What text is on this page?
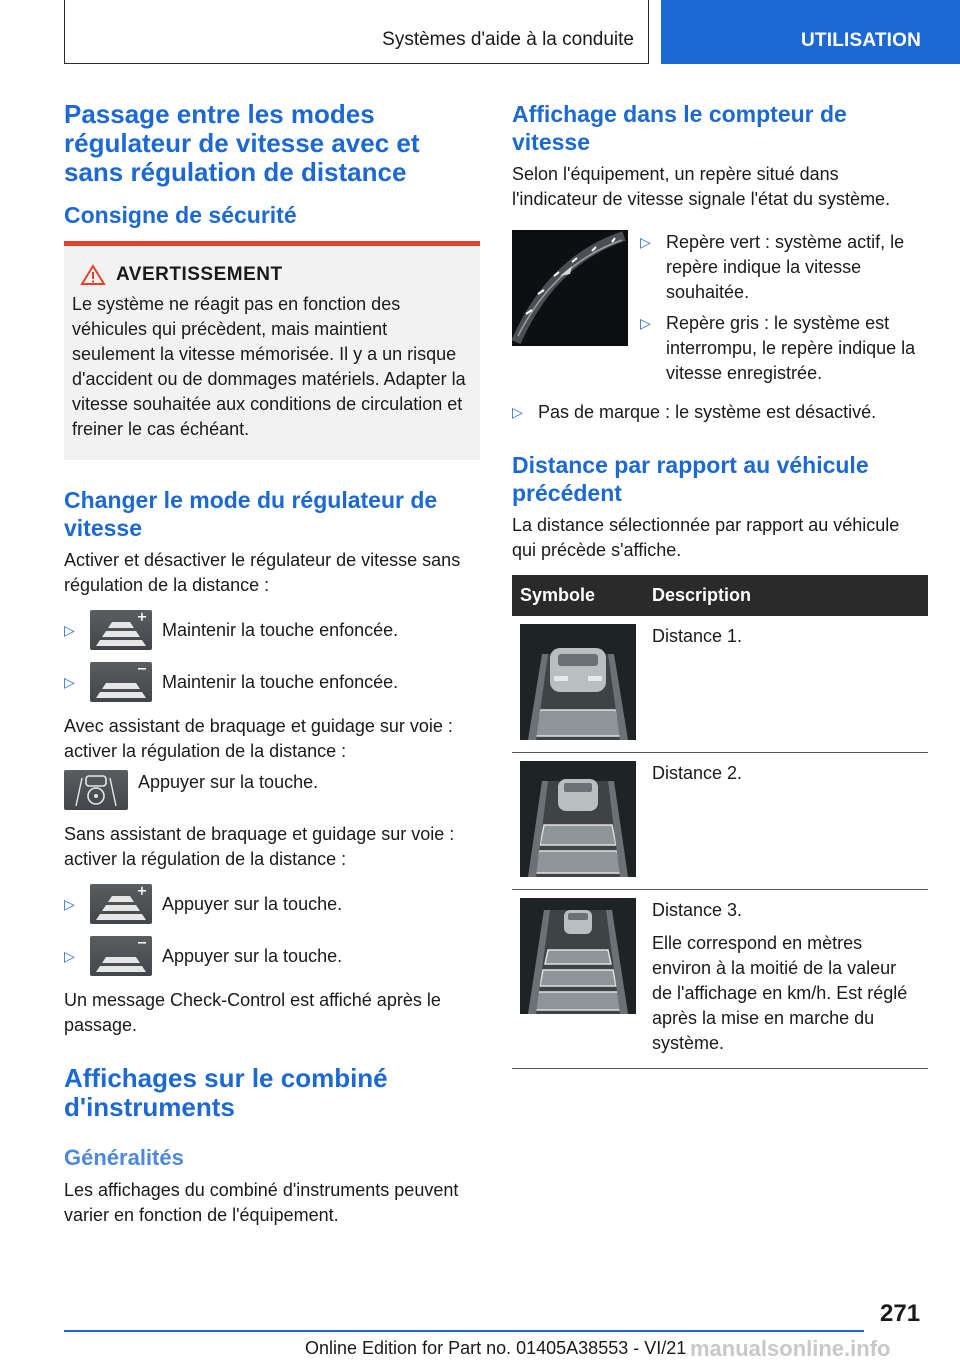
Systèmes d'aide à la conduite	UTILISATION
Passage entre les modes régulateur de vitesse avec et sans régulation de distance
Consigne de sécurité
AVERTISSEMENT

Le système ne réagit pas en fonction des véhicules qui précèdent, mais maintient seulement la vitesse mémorisée. Il y a un risque d'accident ou de dommages matériels. Adapter la vitesse souhaitée aux conditions de circulation et freiner le cas échéant.

Changer le mode du régulateur de vitesse

Activer et désactiver le régulateur de vitesse sans régulation de la distance :

▷	Maintenir la touche enfoncée.
▷	Maintenir la touche enfoncée.

Avec assistant de braquage et guidage sur voie : activer la régulation de la distance :

Appuyer sur la touche.

Sans assistant de braquage et guidage sur voie : activer la régulation de la distance :

▷	Appuyer sur la touche.
▷	Appuyer sur la touche.

Un message Check-Control est affiché après le passage.

Affichages sur le combiné d'instruments
Généralités

Les affichages du combiné d'instruments peuvent varier en fonction de l'équipement.

Affichage dans le compteur de vitesse

Selon l'équipement, un repère situé dans l'indicateur de vitesse signale l'état du système.

▷ Repère vert : système actif, le repère indique la vitesse souhaitée.

▷ Repère gris : le système est interrompu, le repère indique la vitesse enregistrée.

▷ Pas de marque : le système est désactivé.

Distance par rapport au véhicule précédent

La distance sélectionnée par rapport au véhicule qui précède s'affiche.

Symbole	Description

	Distance 1.

	Distance 2.

Distance 3.

Elle correspond en mètres environ à la moitié de la valeur de l'affichage en km/h. Est réglé après la mise en marche du système.

271
Online Edition for Part no. 01405A38553 - VI/21 manualsonline.info
